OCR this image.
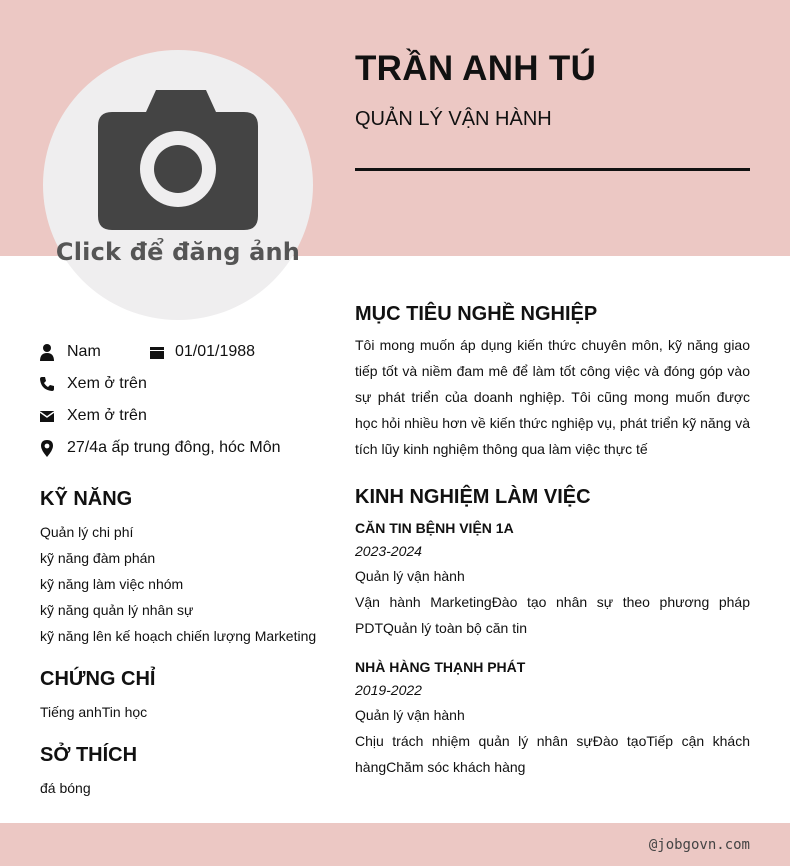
Click để đăng ảnh
TRẦN ANH TÚ
QUẢN LÝ VẬN HÀNH
Nam	01/01/1988
Xem ở trên
Xem ở trên
27/4a ấp trung đông, hóc Môn
KỸ NĂNG
Quản lý chi phí
kỹ năng đàm phán
kỹ năng làm việc nhóm
kỹ năng quản lý nhân sự
kỹ năng lên kế hoạch chiến lượng Marketing
CHỨNG CHỈ
Tiếng anhTin học
SỞ THÍCH
đá bóng
MỤC TIÊU NGHỀ NGHIỆP
Tôi mong muốn áp dụng kiến thức chuyên môn, kỹ năng giao tiếp tốt và niềm đam mê để làm tốt công việc và đóng góp vào sự phát triển của doanh nghiệp. Tôi cũng mong muốn được học hỏi nhiều hơn về kiến thức nghiệp vụ, phát triển kỹ năng và tích lũy kinh nghiệm thông qua làm việc thực tế
KINH NGHIỆM LÀM VIỆC
CĂN TIN BỆNH VIỆN 1A
2023-2024
Quản lý vận hành
Vận hành MarketingĐào tạo nhân sự theo phương pháp PDTQuản lý toàn bộ căn tin
NHÀ HÀNG THẠNH PHÁT
2019-2022
Quản lý vận hành
Chịu trách nhiệm quản lý nhân sựĐào tạoTiếp cận khách hàngChăm sóc khách hàng
@jobgovn.com
